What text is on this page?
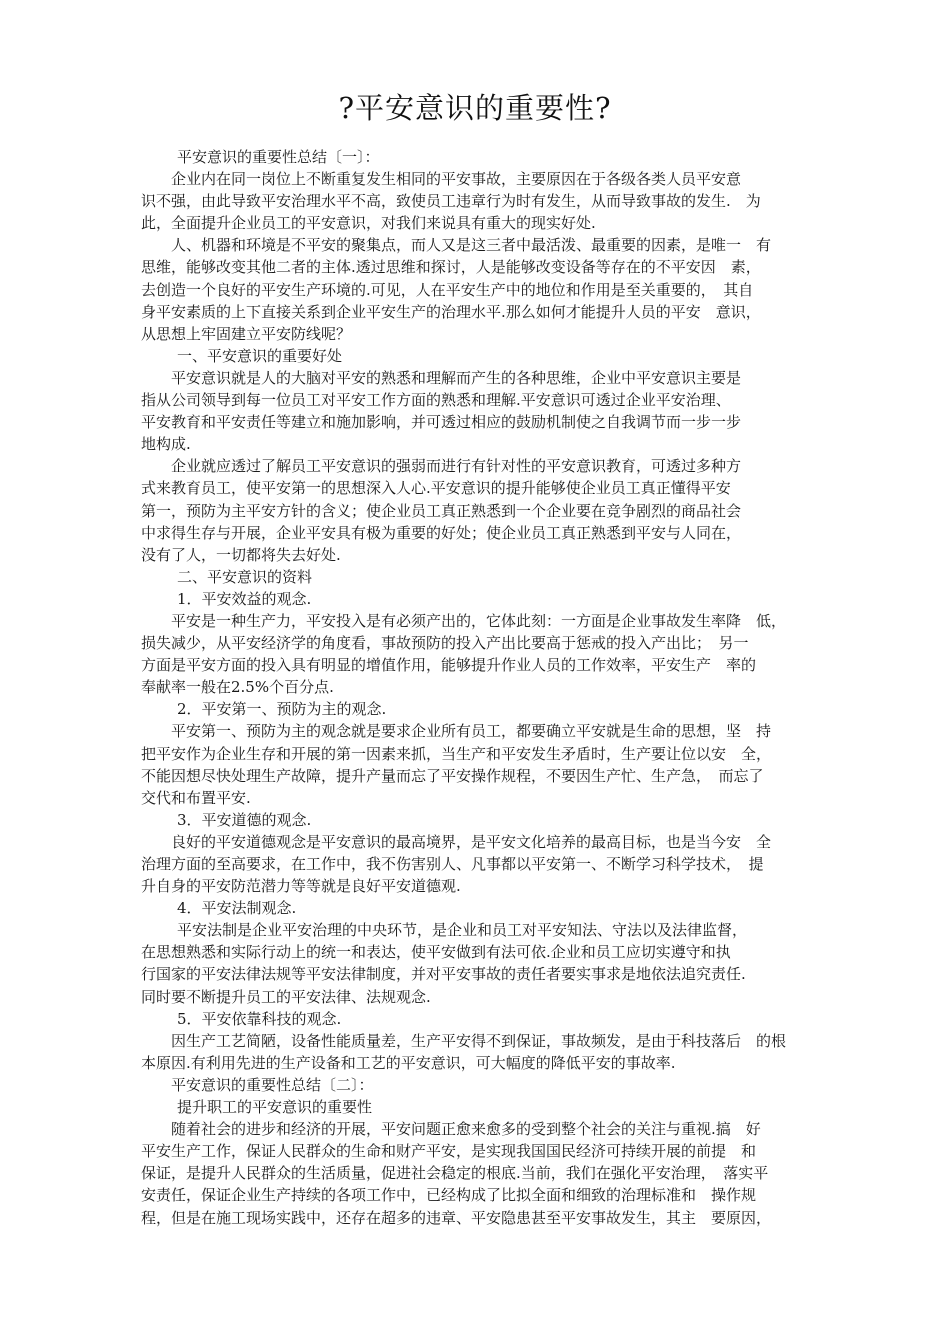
?平安意识的重要性?
平安意识的重要性总结〔一〕：
企业内在同一岗位上不断重复发生相同的平安事故，主要原因在于各级各类人员平安意
识不强，由此导致平安治理水平不高，致使员工违章行为时有发生，从而导致事故的发生.　为
此，全面提升企业员工的平安意识，对我们来说具有重大的现实好处.
人、机器和环境是不平安的聚集点，而人又是这三者中最活泼、最重要的因素，是唯一　有
思维，能够改变其他二者的主体.透过思维和探讨，人是能够改变设备等存在的不平安因　素，
去创造一个良好的平安生产环境的.可见，人在平安生产中的地位和作用是至关重要的，　其自
身平安素质的上下直接关系到企业平安生产的治理水平.那么如何才能提升人员的平安　意识，
从思想上牢固建立平安防线呢？
一、平安意识的重要好处
平安意识就是人的大脑对平安的熟悉和理解而产生的各种思维，企业中平安意识主要是
指从公司领导到每一位员工对平安工作方面的熟悉和理解.平安意识可透过企业平安治理、
平安教育和平安责任等建立和施加影响，并可透过相应的鼓励机制使之自我调节而一步一步
地构成.
企业就应透过了解员工平安意识的强弱而进行有针对性的平安意识教育，可透过多种方
式来教育员工，使平安第一的思想深入人心.平安意识的提升能够使企业员工真正懂得平安
第一，预防为主平安方针的含义；使企业员工真正熟悉到一个企业要在竞争剧烈的商品社会
中求得生存与开展，企业平安具有极为重要的好处；使企业员工真正熟悉到平安与人同在，
没有了人，一切都将失去好处.
二、平安意识的资料
1．平安效益的观念.
平安是一种生产力，平安投入是有必须产出的，它体此刻：一方面是企业事故发生率降　低，
损失减少，从平安经济学的角度看，事故预防的投入产出比要高于惩戒的投入产出比；　另一
方面是平安方面的投入具有明显的增值作用，能够提升作业人员的工作效率，平安生产　率的
奉献率一般在2.5%个百分点.
2．平安第一、预防为主的观念.
平安第一、预防为主的观念就是要求企业所有员工，都要确立平安就是生命的思想，坚　持
把平安作为企业生存和开展的第一因素来抓，当生产和平安发生矛盾时，生产要让位以安　全，
不能因想尽快处理生产故障，提升产量而忘了平安操作规程，不要因生产忙、生产急，　而忘了
交代和布置平安.
3．平安道德的观念.
良好的平安道德观念是平安意识的最高境界，是平安文化培养的最高目标，也是当今安　全
治理方面的至高要求，在工作中，我不伤害别人、凡事都以平安第一、不断学习科学技术，　提
升自身的平安防范潜力等等就是良好平安道德观.
4．平安法制观念.
平安法制是企业平安治理的中央环节，是企业和员工对平安知法、守法以及法律监督，
在思想熟悉和实际行动上的统一和表达，使平安做到有法可依.企业和员工应切实遵守和执
行国家的平安法律法规等平安法律制度，并对平安事故的责任者要实事求是地依法追究责任.
同时要不断提升员工的平安法律、法规观念.
5．平安依靠科技的观念.
因生产工艺简陋，设备性能质量差，生产平安得不到保证，事故频发，是由于科技落后　的根
本原因.有利用先进的生产设备和工艺的平安意识，可大幅度的降低平安的事故率.
平安意识的重要性总结〔二〕：
提升职工的平安意识的重要性
随着社会的进步和经济的开展，平安问题正愈来愈多的受到整个社会的关注与重视.搞　好
平安生产工作，保证人民群众的生命和财产平安，是实现我国国民经济可持续开展的前提　和
保证，是提升人民群众的生活质量，促进社会稳定的根底.当前，我们在强化平安治理，　落实平
安责任，保证企业生产持续的各项工作中，已经构成了比拟全面和细致的治理标准和　操作规
程，但是在施工现场实践中，还存在超多的违章、平安隐患甚至平安事故发生，其主　要原因，
